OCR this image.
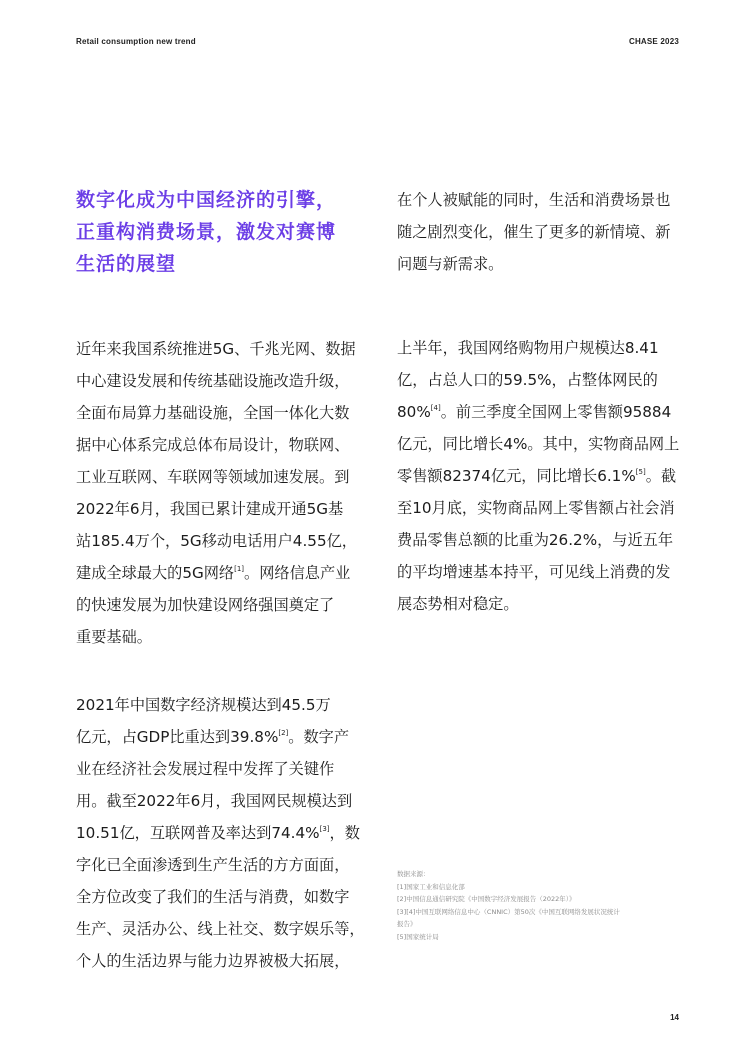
Retail consumption new trend	CHASE 2023
数字化成为中国经济的引擎，
正重构消费场景，激发对赛博
生活的展望

近年来我国系统推进5G、千兆光网、数据
中心建设发展和传统基础设施改造升级，
全面布局算力基础设施，全国一体化大数
据中心体系完成总体布局设计，物联网、
工业互联网、车联网等领域加速发展。到
2022年6月，我国已累计建成开通5G基
站185.4万个，5G移动电话用户4.55亿，
建成全球最大的5G网络[1]。网络信息产业
的快速发展为加快建设网络强国奠定了
重要基础。

2021年中国数字经济规模达到45.5万
亿元，占GDP比重达到39.8%[2]。数字产
业在经济社会发展过程中发挥了关键作
用。截至2022年6月，我国网民规模达到
10.51亿，互联网普及率达到74.4%[3]，数
字化已全面渗透到生产生活的方方面面，
全方位改变了我们的生活与消费，如数字
生产、灵活办公、线上社交、数字娱乐等，
个人的生活边界与能力边界被极大拓展，

在个人被赋能的同时，生活和消费场景也
随之剧烈变化，催生了更多的新情境、新
问题与新需求。

上半年，我国网络购物用户规模达8.41
亿，占总人口的59.5%，占整体网民的
80%[4]。前三季度全国网上零售额95884
亿元，同比增长4%。其中，实物商品网上
零售额82374亿元，同比增长6.1%[5]。截
至10月底，实物商品网上零售额占社会消
费品零售总额的比重为26.2%，与近五年
的平均增速基本持平，可见线上消费的发
展态势相对稳定。

数据来源：
[1]国家工业和信息化部
[2]中国信息通信研究院《中国数字经济发展报告（2022年）》
[3][4]中国互联网络信息中心（CNNIC）第50次《中国互联网络发展状况统计
报告》
[5]国家统计局
14
